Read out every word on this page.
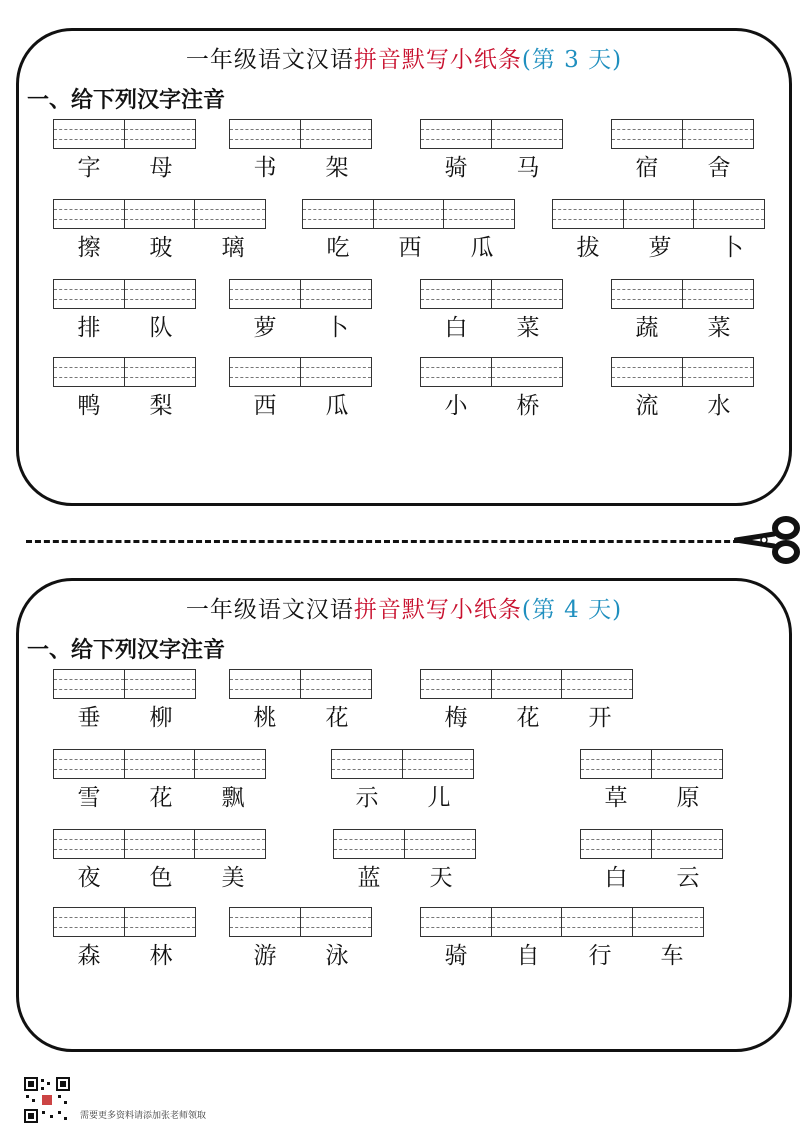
一年级语文汉语拼音默写小纸条(第 3 天)
一、给下列汉字注音
字	母	书	架	骑	马	宿	舍
擦	玻	璃	吃	西	瓜	拔	萝	卜
排	队	萝	卜	白	菜	蔬	菜
鸭	梨	西	瓜	小	桥	流	水
一年级语文汉语拼音默写小纸条(第 4 天)
一、给下列汉字注音
垂	柳	桃	花	梅	花	开
雪	花	飘	示	儿	草	原
夜	色	美	蓝	天	白	云
森	林	游	泳	骑	自	行	车
需要更多资料请添加张老师领取
